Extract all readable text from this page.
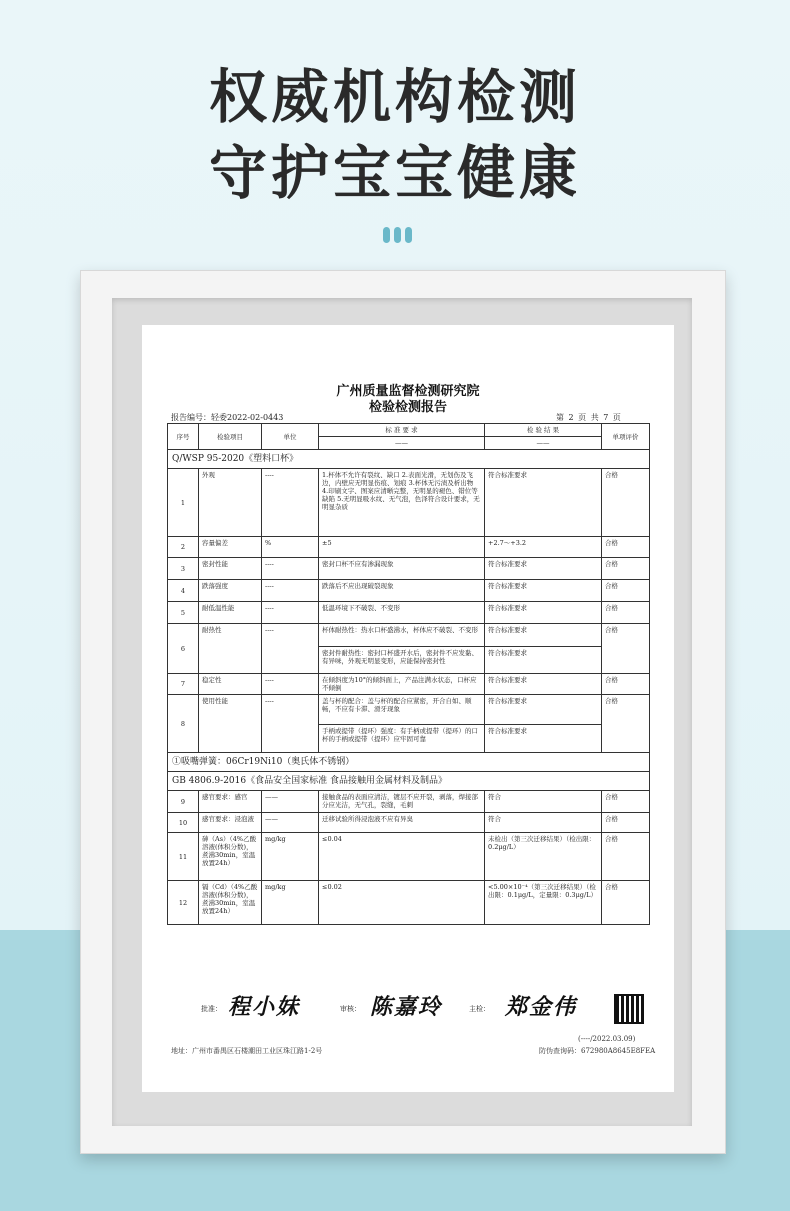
权威机构检测
守护宝宝健康
广州质量监督检测研究院
检验检测报告
报告编号：轻委2022-02-0443	第 2 页 共 7 页
序号	检验项目	单位	标 准 要 求	检 验 结 果	单项评价
			——	——	
Q/WSP 95-2020《塑料口杯》					
1	外观	----	1.杯体不允许有裂纹、缺口 2.表面光滑，无划伤及飞边，内壁应无明显伤痕、划痕 3.杯体无污渍及析出物 4.印刷文字、图案应清晰完整，无明显的褪色、错位等缺陷 5.无明显吸水纹、无气泡，色泽符合设计要求，无明显杂质	符合标准要求	合格
2	容量偏差	%	±5	+2.7～+3.2	合格
3	密封性能	----	密封口杯不应有渗漏现象	符合标准要求	合格
4	跌落强度	----	跌落后不应出现破裂现象	符合标准要求	合格
5	耐低温性能	----	低温环境下不破裂、不变形	符合标准要求	合格
6	耐热性	----	杯体耐热性：热水口杯盛沸水，杯体应不破裂、不变形	符合标准要求	合格
			密封件耐热性：密封口杯盛开水后，密封件不应发黏、有异味，外观无明显变形，应能保持密封性	符合标准要求	
7	稳定性	----	在倾斜度为10°的倾斜面上，产品注满水状态，口杯应不倾倒	符合标准要求	合格
8	使用性能	----	盖与杯的配合：盖与杯的配合应紧密，开合自如、顺畅，不应有卡滞、滑牙现象	符合标准要求	合格
			手柄或提带（提环）强度：有手柄或提带（提环）的口杯的手柄或提带（提环）应牢固可靠	符合标准要求	
①吸嘴弹簧：06Cr19Ni10（奥氏体不锈钢）					
GB 4806.9-2016《食品安全国家标准 食品接触用金属材料及制品》					
9	感官要求：感官	——	接触食品的表面应清洁，镀层不应开裂，剥落，焊接部分应光洁，无气孔，裂缝，毛刺	符合	合格
10	感官要求：浸泡液	——	迁移试验所得浸泡液不应有异臭	符合	合格
11	砷（As）（4%乙酸溶液(体积分数)，煮沸30min，室温放置24h）	mg/kg	≤0.04	未检出（第三次迁移结果）（检出限：0.2μg/L）	合格
12	镉（Cd）（4%乙酸溶液(体积分数)，煮沸30min，室温放置24h）	mg/kg	≤0.02	<5.00×10⁻⁴（第三次迁移结果）（检出限：0.1μg/L，定量限：0.3μg/L）	合格
批准： 程小妹	审核： 陈嘉玲	主检： 郑金伟
(----/2022.03.09)
地址：广州市番禺区石楼潮田工业区珠江路1-2号	防伪查询码：672980A8645E8FEA
